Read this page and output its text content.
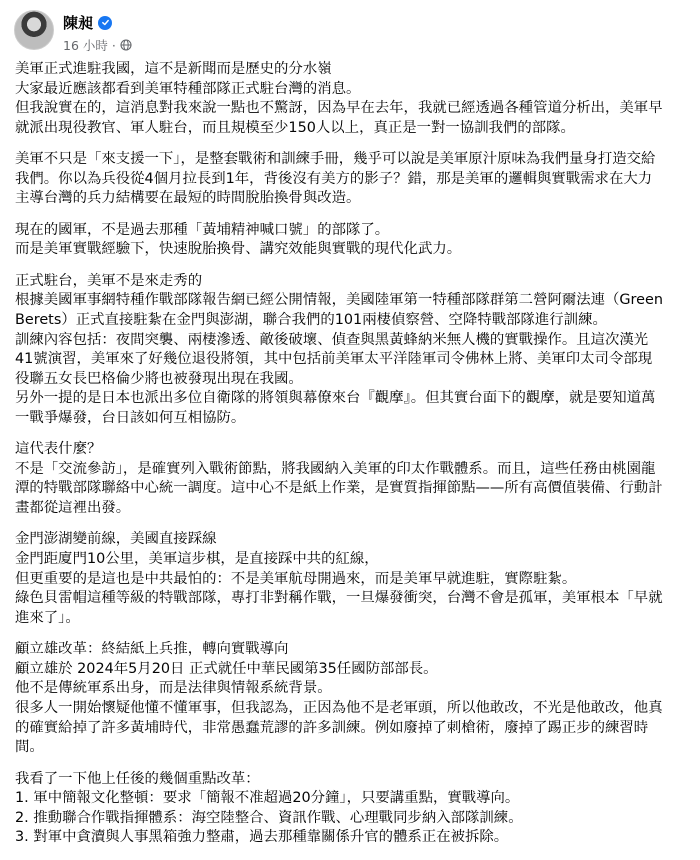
陳昶
16 小時 ·
美軍正式進駐我國，這不是新聞而是歷史的分水嶺
大家最近應該都看到美軍特種部隊正式駐台灣的消息。
但我說實在的，這消息對我來說一點也不驚訝，因為早在去年，我就已經透過各種管道分析出，美軍早
就派出現役教官、軍人駐台，而且規模至少150人以上，真正是一對一協訓我們的部隊。
美軍不只是「來支援一下」，是整套戰術和訓練手冊，幾乎可以說是美軍原汁原味為我們量身打造交給
我們。你以為兵役從4個月拉長到1年，背後沒有美方的影子？錯，那是美軍的邏輯與實戰需求在大力
主導台灣的兵力結構要在最短的時間脫胎換骨與改造。
現在的國軍，不是過去那種「黃埔精神喊口號」的部隊了。
而是美軍實戰經驗下，快速脫胎換骨、講究效能與實戰的現代化武力。
正式駐台，美軍不是來走秀的
根據美國軍事網特種作戰部隊報告網已經公開情報，美國陸軍第一特種部隊群第二營阿爾法連（Green
Berets）正式直接駐紮在金門與澎湖，聯合我們的101兩棲偵察營、空降特戰部隊進行訓練。
訓練內容包括：夜間突襲、兩棲滲透、敵後破壞、偵查與黑黃蜂納米無人機的實戰操作。且這次漢光
41號演習，美軍來了好幾位退役將領，其中包括前美軍太平洋陸軍司令佛林上將、美軍印太司令部現
役聯五女長巴格倫少將也被發現出現在我國。
另外一提的是日本也派出多位自衛隊的將領與幕僚來台『觀摩』。但其實台面下的觀摩，就是要知道萬
一戰爭爆發，台日該如何互相協防。
這代表什麼？
不是「交流參訪」，是確實列入戰術節點，將我國納入美軍的印太作戰體系。而且，這些任務由桃園龍
潭的特戰部隊聯絡中心統一調度。這中心不是紙上作業，是實質指揮節點——所有高價值裝備、行動計
畫都從這裡出發。
金門澎湖變前線，美國直接踩線
金門距廈門10公里，美軍這步棋，是直接踩中共的紅線，
但更重要的是這也是中共最怕的：不是美軍航母開過來，而是美軍早就進駐，實際駐紮。
綠色貝雷帽這種等級的特戰部隊，專打非對稱作戰，一旦爆發衝突，台灣不會是孤軍，美軍根本「早就
進來了」。
顧立雄改革：終結紙上兵推，轉向實戰導向
顧立雄於 2024年5月20日 正式就任中華民國第35任國防部部長。
他不是傳統軍系出身，而是法律與情報系統背景。
很多人一開始懷疑他懂不懂軍事，但我認為，正因為他不是老軍頭，所以他敢改，不光是他敢改，他真
的確實給掉了許多黃埔時代，非常愚蠢荒謬的許多訓練。例如廢掉了刺槍術，廢掉了踢正步的練習時
間。
我看了一下他上任後的幾個重點改革：
1. 軍中簡報文化整頓：要求「簡報不准超過20分鐘」，只要講重點，實戰導向。
2. 推動聯合作戰指揮體系：海空陸整合、資訊作戰、心理戰同步納入部隊訓練。
3. 對軍中貪瀆與人事黑箱強力整肅，過去那種靠關係升官的體系正在被拆除。
